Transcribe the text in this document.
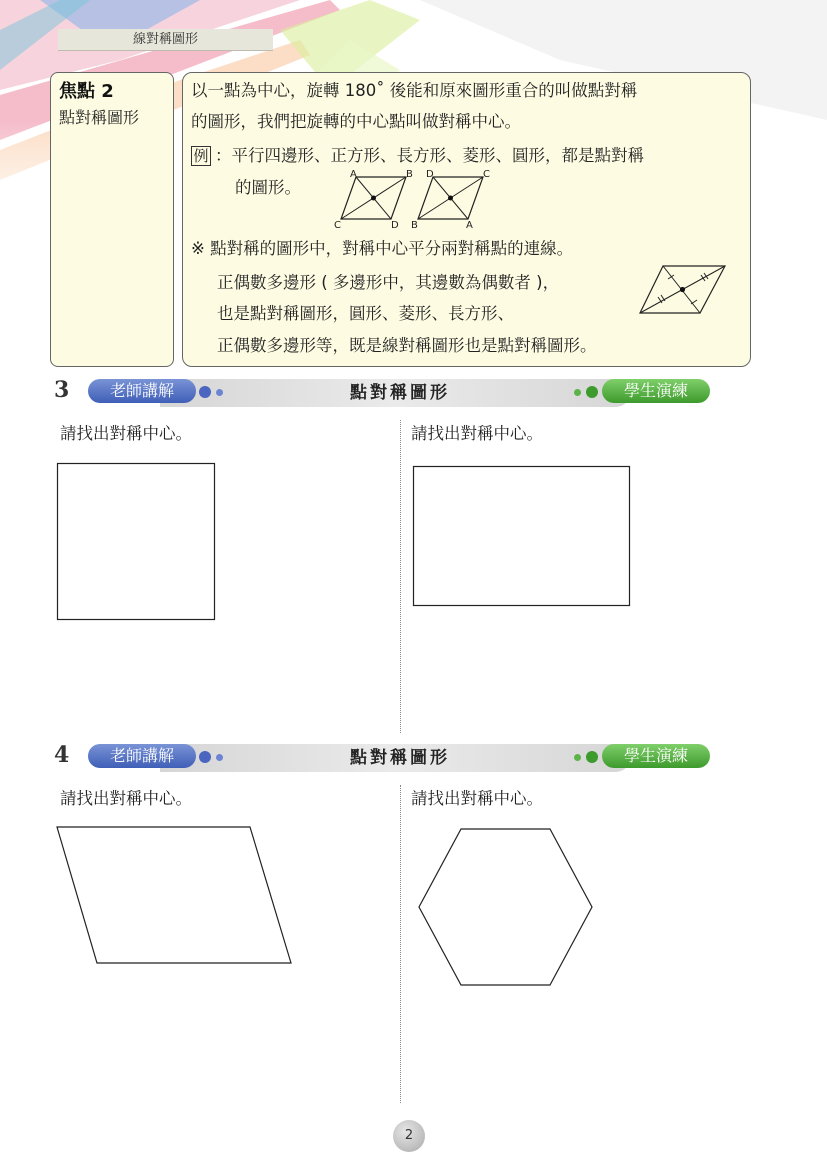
線對稱圖形
焦點 2
點對稱圖形
以一點為中心，旋轉 180˚ 後能和原來圖形重合的叫做點對稱
的圖形，我們把旋轉的中心點叫做對稱中心。
例 ：平行四邊形、正方形、長方形、菱形、圓形，都是點對稱
的圖形。
A	B
C	D
D	C
B	A
※ 點對稱的圖形中，對稱中心平分兩對稱點的連線。
正偶數多邊形 ( 多邊形中，其邊數為偶數者 )，
也是點對稱圖形，圓形、菱形、長方形、
正偶數多邊形等，既是線對稱圖形也是點對稱圖形。
3	老師講解	點對稱圖形	學生演練
請找出對稱中心。	請找出對稱中心。
4	老師講解	點對稱圖形	學生演練
請找出對稱中心。	請找出對稱中心。
2
